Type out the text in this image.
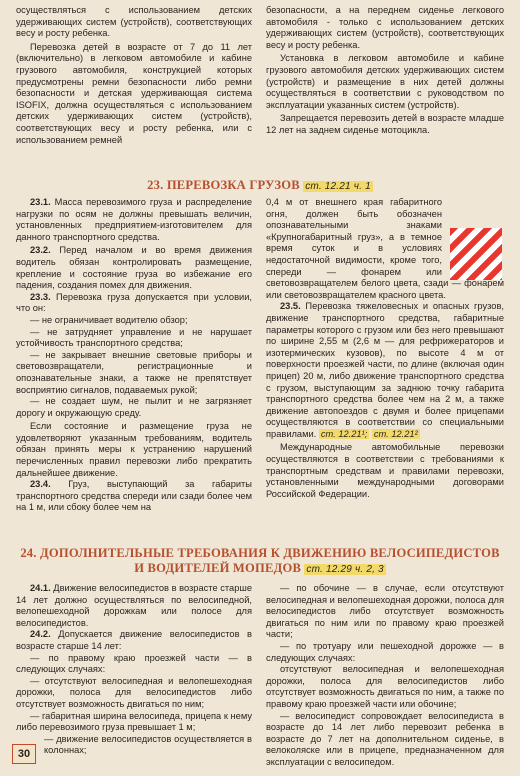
осуществляться с использованием детских удерживающих систем (устройств), соответствующих весу и росту ребенка.

Перевозка детей в возрасте от 7 до 11 лет (включительно) в легковом автомобиле и кабине грузового автомобиля, конструкцией которых предусмотрены ремни безопасности либо ремни безопасности и детская удерживающая система ISOFIX, должна осуществляться с использованием детских удерживающих систем (устройств), соответствующих весу и росту ребенка, или с использованием ремней

безопасности, а на переднем сиденье легкового автомобиля - только с использованием детских удерживающих систем (устройств), соответствующих весу и росту ребенка.

Установка в легковом автомобиле и кабине грузового автомобиля детских удерживающих систем (устройств) и размещение в них детей должны осуществляться в соответствии с руководством по эксплуатации указанных систем (устройств).

Запрещается перевозить детей в возрасте младше 12 лет на заднем сиденье мотоцикла.

23. ПЕРЕВОЗКА ГРУЗОВ ст. 12.21 ч. 1

23.1. Масса перевозимого груза и распределение нагрузки по осям не должны превышать величин, установленных предприятием-изготовителем для данного транспортного средства.

23.2. Перед началом и во время движения водитель обязан контролировать размещение, крепление и состояние груза во избежание его падения, создания помех для движения.

23.3. Перевозка груза допускается при условии, что он:

— не ограничивает водителю обзор;

— не затрудняет управление и не нарушает устойчивость транспортного средства;

— не закрывает внешние световые приборы и световозвращатели, регистрационные и опознавательные знаки, а также не препятствует восприятию сигналов, подаваемых рукой;

— не создает шум, не пылит и не загрязняет дорогу и окружающую среду.

Если состояние и размещение груза не удовлетворяют указанным требованиям, водитель обязан принять меры к устранению нарушений перечисленных правил перевозки либо прекратить дальнейшее движение.

23.4. Груз, выступающий за габариты транспортного средства спереди или сзади более чем на 1 м, или сбоку более чем на

0,4 м от внешнего края габаритного огня, должен быть обозначен опознавательными знаками «Крупногабаритный груз», а в темное время суток и в условиях недостаточной видимости, кроме того, спереди — фонарем или световозвращателем белого цвета, сзади — фонарем или световозвращателем красного цвета.

23.5. Перевозка тяжеловесных и опасных грузов, движение транспортного средства, габаритные параметры которого с грузом или без него превышают по ширине 2,55 м (2,6 м — для рефрижераторов и изотермических кузовов), по высоте 4 м от поверхности проезжей части, по длине (включая один прицеп) 20 м, либо движение транспортного средства с грузом, выступающим за заднюю точку габарита транспортного средства более чем на 2 м, а также движение автопоездов с двумя и более прицепами осуществляются в соответствии со специальными правилами. ст. 12.21¹; ст. 12.21²

Международные автомобильные перевозки осуществляются в соответствии с требованиями к транспортным средствам и правилами перевозки, установленными международными договорами Российской Федерации.

24. ДОПОЛНИТЕЛЬНЫЕ ТРЕБОВАНИЯ К ДВИЖЕНИЮ ВЕЛОСИПЕДИСТОВ
И ВОДИТЕЛЕЙ МОПЕДОВ ст. 12.29 ч. 2, 3

24.1. Движение велосипедистов в возрасте старше 14 лет должно осуществляться по велосипедной, велопешеходной дорожкам или полосе для велосипедистов.

24.2. Допускается движение велосипедистов в возрасте старше 14 лет:

— по правому краю проезжей части — в следующих случаях:

— отсутствуют велосипедная и велопешеходная дорожки, полоса для велосипедистов либо отсутствует возможность двигаться по ним;

— габаритная ширина велосипеда, прицепа к нему либо перевозимого груза превышает 1 м;

— движение велосипедистов осуществляется в колоннах;

— по обочине — в случае, если отсутствуют велосипедная и велопешеходная дорожки, полоса для велосипедистов либо отсутствует возможность двигаться по ним или по правому краю проезжей части;

— по тротуару или пешеходной дорожке — в следующих случаях:

отсутствуют велосипедная и велопешеходная дорожки, полоса для велосипедистов либо отсутствует возможность двигаться по ним, а также по правому краю проезжей части или обочине;

— велосипедист сопровождает велосипедиста в возрасте до 14 лет либо перевозит ребенка в возрасте до 7 лет на дополнительном сиденье, в велоколяске или в прицепе, предназначенном для эксплуатации с велосипедом.

30
